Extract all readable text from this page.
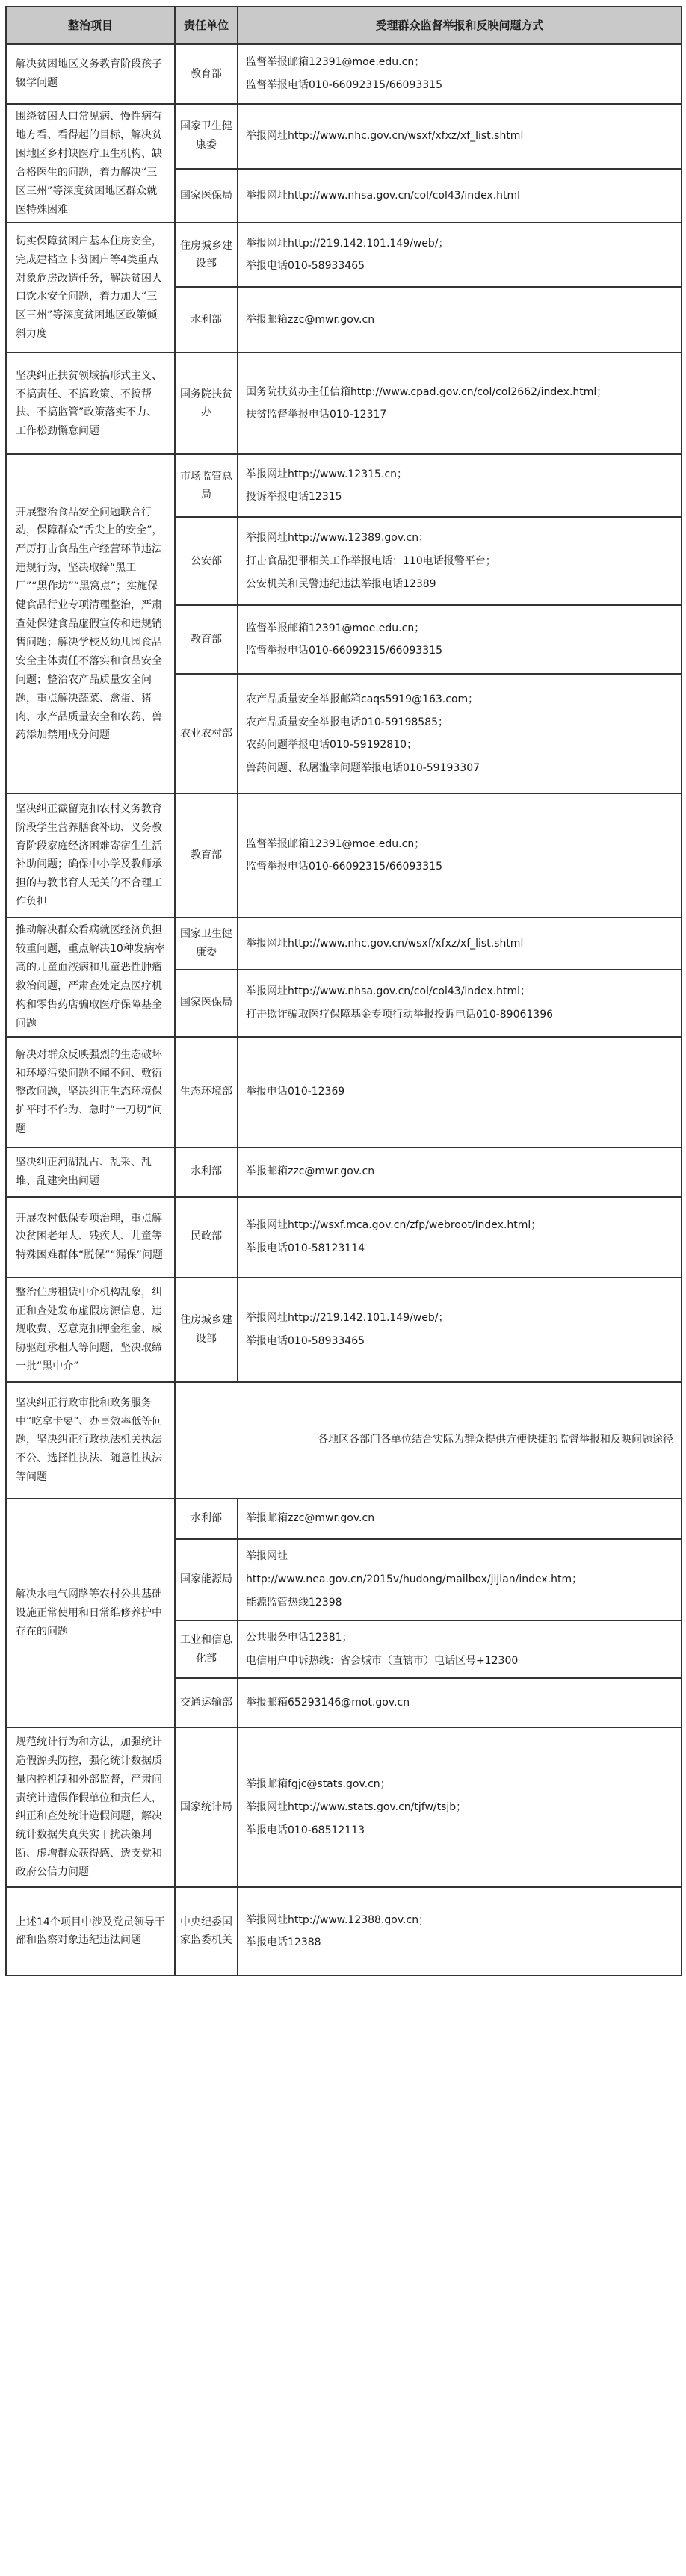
整治项目	责任单位	受理群众监督举报和反映问题方式
解决贫困地区义务教育阶段孩子辍学问题	教育部	监督举报邮箱12391@moe.edu.cn；
监督举报电话010-66092315/66093315

围绕贫困人口常见病、慢性病有地方看、看得起的目标，解决贫困地区乡村缺医疗卫生机构、缺合格医生的问题，着力解决“三区三州”等深度贫困地区群众就医特殊困难	国家卫生健康委	举报网址http://www.nhc.gov.cn/wsxf/xfxz/xf_list.shtml

	国家医保局	举报网址http://www.nhsa.gov.cn/col/col43/index.html

切实保障贫困户基本住房安全，完成建档立卡贫困户等4类重点对象危房改造任务，解决贫困人口饮水安全问题，着力加大“三区三州”等深度贫困地区政策倾斜力度	住房城乡建设部	举报网址http://219.142.101.149/web/；
举报电话010-58933465

	水利部	举报邮箱zzc@mwr.gov.cn

坚决纠正扶贫领域搞形式主义、不搞责任、不搞政策、不搞帮扶、不搞监管”政策落实不力、工作松劲懈怠问题	国务院扶贫办	国务院扶贫办主任信箱http://www.cpad.gov.cn/col/col2662/index.html；
扶贫监督举报电话010-12317

开展整治食品安全问题联合行动，保障群众“舌尖上的安全”，严厉打击食品生产经营环节违法违规行为，坚决取缔“黑工厂”“黑作坊”“黑窝点”；实施保健食品行业专项清理整治，严肃查处保健食品虚假宣传和违规销售问题；解决学校及幼儿园食品安全主体责任不落实和食品安全问题；整治农产品质量安全问题，重点解决蔬菜、禽蛋、猪肉、水产品质量安全和农药、兽药添加禁用成分问题	市场监管总局	举报网址http://www.12315.cn；
投诉举报电话12315

	公安部	举报网址http://www.12389.gov.cn；
打击食品犯罪相关工作举报电话：110电话报警平台；
公安机关和民警违纪违法举报电话12389

	教育部	监督举报邮箱12391@moe.edu.cn；
监督举报电话010-66092315/66093315

	农业农村部	农产品质量安全举报邮箱caqs5919@163.com；
农产品质量安全举报电话010-59198585；
农药问题举报电话010-59192810；
兽药问题、私屠滥宰问题举报电话010-59193307

坚决纠正截留克扣农村义务教育阶段学生营养膳食补助、义务教育阶段家庭经济困难寄宿生生活补助问题；确保中小学及教师承担的与教书育人无关的不合理工作负担	教育部	监督举报邮箱12391@moe.edu.cn；
监督举报电话010-66092315/66093315

推动解决群众看病就医经济负担较重问题，重点解决10种发病率高的儿童血液病和儿童恶性肿瘤救治问题，严肃查处定点医疗机构和零售药店骗取医疗保障基金问题	国家卫生健康委	举报网址http://www.nhc.gov.cn/wsxf/xfxz/xf_list.shtml

	国家医保局	举报网址http://www.nhsa.gov.cn/col/col43/index.html；
打击欺诈骗取医疗保障基金专项行动举报投诉电话010-89061396

解决对群众反映强烈的生态破坏和环境污染问题不闻不问、敷衍整改问题，坚决纠正生态环境保护平时不作为、急时“一刀切”问题	生态环境部	举报电话010-12369

坚决纠正河湖乱占、乱采、乱堆、乱建突出问题	水利部	举报邮箱zzc@mwr.gov.cn

开展农村低保专项治理，重点解决贫困老年人、残疾人、儿童等特殊困难群体“脱保”“漏保”问题	民政部	举报网址http://wsxf.mca.gov.cn/zfp/webroot/index.html；
举报电话010-58123114

整治住房租赁中介机构乱象，纠正和查处发布虚假房源信息、违规收费、恶意克扣押金租金、威胁驱赶承租人等问题，坚决取缔一批“黑中介”	住房城乡建设部	举报网址http://219.142.101.149/web/；
举报电话010-58933465

坚决纠正行政审批和政务服务中“吃拿卡要”、办事效率低等问题，坚决纠正行政执法机关执法不公、选择性执法、随意性执法等问题	各地区各部门各单位结合实际为群众提供方便快捷的监督举报和反映问题途径	

解决水电气网路等农村公共基础设施正常使用和日常维修养护中存在的问题	水利部	举报邮箱zzc@mwr.gov.cn

	国家能源局	举报网址
http://www.nea.gov.cn/2015v/hudong/mailbox/jijian/index.htm；
能源监管热线12398

	工业和信息化部	公共服务电话12381；
电信用户申诉热线：省会城市（直辖市）电话区号+12300

	交通运输部	举报邮箱65293146@mot.gov.cn

规范统计行为和方法，加强统计造假源头防控，强化统计数据质量内控机制和外部监督，严肃问责统计造假作假单位和责任人，纠正和查处统计造假问题，解决统计数据失真失实干扰决策判断、虚增群众获得感、透支党和政府公信力问题	国家统计局	举报邮箱fgjc@stats.gov.cn；
举报网址http://www.stats.gov.cn/tjfw/tsjb；
举报电话010-68512113

上述14个项目中涉及党员领导干部和监察对象违纪违法问题	中央纪委国家监委机关	举报网址http://www.12388.gov.cn；
举报电话12388
